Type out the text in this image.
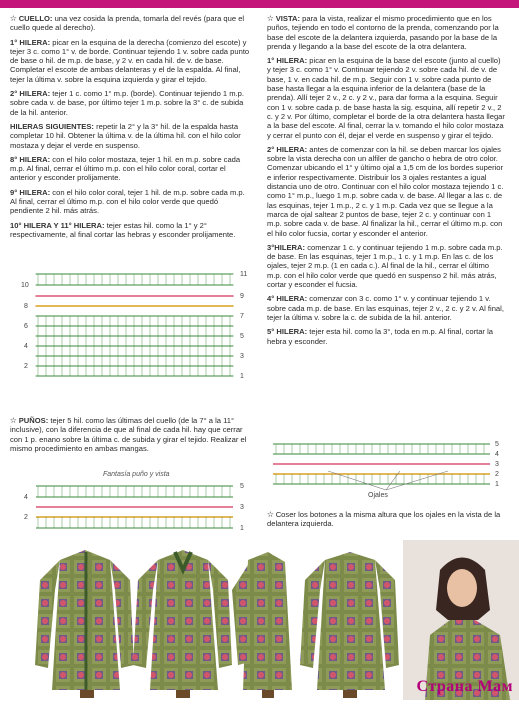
✫ CUELLO: una vez cosida la prenda, tomarla del revés (para que el cuello quede al derecho).

1° HILERA: picar en la esquina de la derecha (comienzo del escote) y tejer 3 c. como 1° v. de borde. Continuar tejiendo 1 v. sobre cada punto de base o hil. de m.p. de base, y 2 v. en cada hil. de v. de base. Completar el escote de ambas delanteras y el de la espalda. Al final, tejer la última v. sobre la esquina izquierda y girar el tejido.

2° HILERA: tejer 1 c. como 1° m.p. (borde). Continuar tejiendo 1 m.p. sobre cada v. de base, por último tejer 1 m.p. sobre la 3° c. de subida de la hil. anterior.

HILERAS SIGUIENTES: repetir la 2° y la 3° hil. de la espalda hasta completar 10 hil. Obtener la última v. de la última hil. con el hilo color mostaza y dejar el verde en suspenso.

8° HILERA: con el hilo color mostaza, tejer 1 hil. en m.p. sobre cada m.p. Al final, cerrar el último m.p. con el hilo color coral, cortar el anterior y esconder prolijamente.

9° HILERA: con el hilo color coral, tejer 1 hil. de m.p. sobre cada m.p. Al final, cerrar el último m.p. con el hilo color verde que quedó pendiente 2 hil. más atrás.

10° HILERA Y 11° HILERA: tejer estas hil. como la 1° y 2° respectivamente, al final cortar las hebras y esconder prolijamente.

11
10
9
8
7
6
5
4
3
2
1

✫ PUÑOS: tejer 5 hil. como las últimas del cuello (de la 7° a la 11° inclusive), con la diferencia de que al final de cada hil. hay que cerrar con 1 p. enano sobre la última c. de subida y girar el tejido. Realizar el mismo procedimiento en ambas mangas.

Fantasía puño y vista
5
4
3
2
1

✫ VISTA: para la vista, realizar el mismo procedimiento que en los puños, tejiendo en todo el contorno de la prenda, comenzando por la base del escote de la delantera izquierda, pasando por la base de la prenda y llegando a la base del escote de la otra delantera.

1° HILERA: picar en la esquina de la base del escote (junto al cuello) y tejer 3 c. como 1° v. Continuar tejiendo 2 v. sobre cada hil. de v. de base, 1 v. en cada hil. de m.p. Seguir con 1 v. sobre cada punto de base hasta llegar a la esquina inferior de la delantera (base de la prenda). Allí tejer 2 v., 2 c. y 2 v., para dar forma a la esquina. Seguir con 1 v. sobre cada p. de base hasta la sig. esquina, allí repetir 2 v., 2 c. y 2 v. Por último, completar el borde de la otra delantera hasta llegar a la base del escote. Al final, cerrar la v. tomando el hilo color mostaza y cerrar el punto con él, dejar el verde en suspenso y girar el tejido.

2° HILERA: antes de comenzar con la hil. se deben marcar los ojales sobre la vista derecha con un alfiler de gancho o hebra de otro color. Comenzar ubicando el 1° y último ojal a 1,5 cm de los bordes superior e inferior respectivamente. Distribuir los 3 ojales restantes a igual distancia uno de otro. Continuar con el hilo color mostaza tejiendo 1 c. como 1° m.p., luego 1 m.p. sobre cada v. de base. Al llegar a las c. de las esquinas, tejer 1 m.p., 2 c. y 1 m.p. Cada vez que se llegue a la marca de ojal saltear 2 puntos de base, tejer 2 c. y continuar con 1 m.p. sobre cada v. de base. Al finalizar la hil., cerrar el último m.p. con el hilo color fucsia, cortar y esconder el anterior.

3°HILERA: comenzar 1 c. y continuar tejiendo 1 m.p. sobre cada m.p. de base. En las esquinas, tejer 1 m.p., 1 c. y 1 m.p. En las c. de los ojales, tejer 2 m.p. (1 en cada c.). Al final de la hil., cerrar el último m.p. con el hilo color verde que quedó en suspenso 2 hil. más atrás, cortar y esconder el fucsia.

4° HILERA: comenzar con 3 c. como 1° v. y continuar tejiendo 1 v. sobre cada m.p. de base. En las esquinas, tejer 2 v., 2 c. y 2 v. Al final, tejer la última v. sobre la c. de subida de la hil. anterior.

5° HILERA: tejer esta hil. como la 3°, toda en m.p. Al final, cortar la hebra y esconder.

Ojales
5
4
3
2
1

✫ Coser los botones a la misma altura que los ojales en la vista de la delantera izquierda.

Страна Мам
